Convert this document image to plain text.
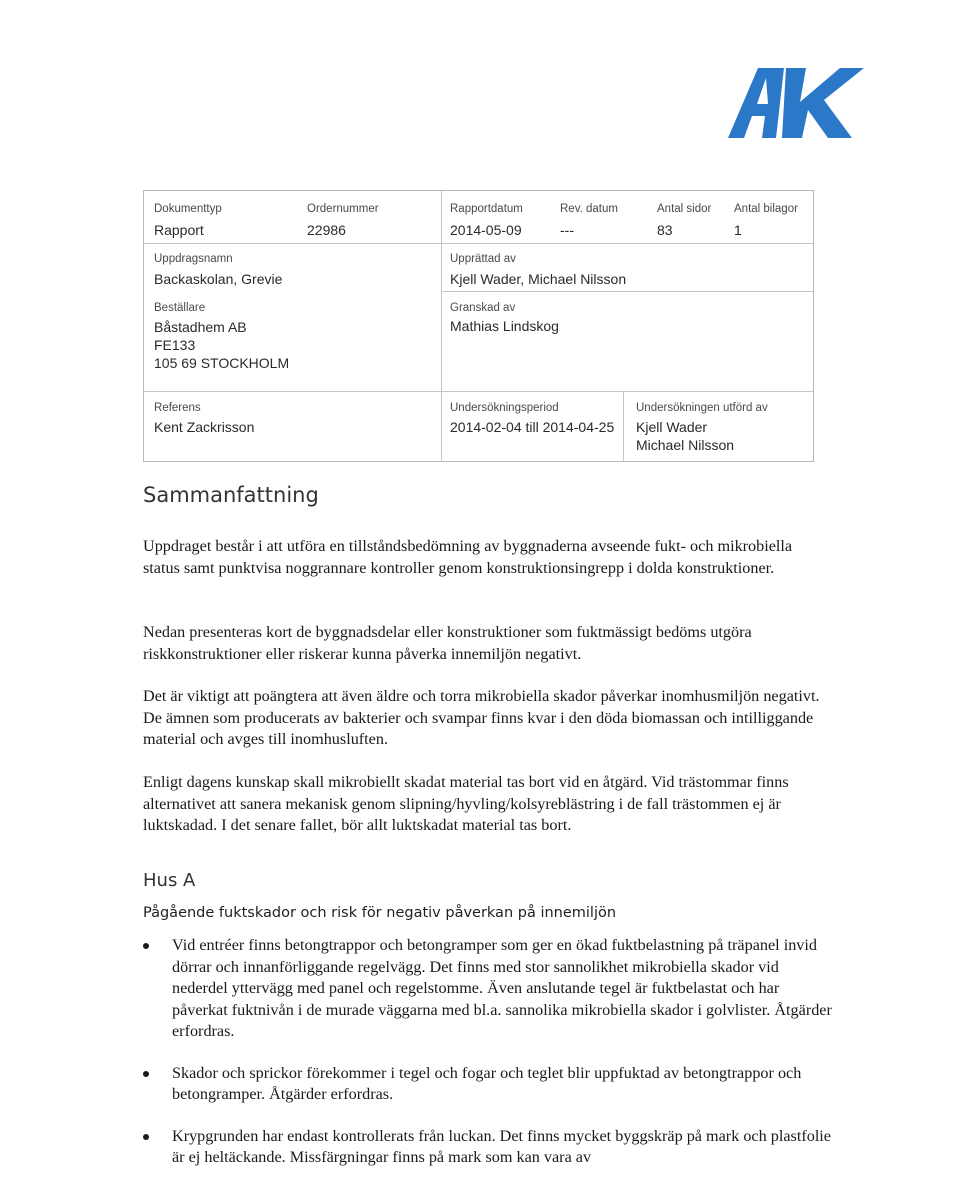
Dokumenttyp
Rapport
Ordernummer
22986
Rapportdatum
2014-05-09
Rev. datum
---
Antal sidor
83
Antal bilagor
1
Uppdragsnamn
Backaskolan, Grevie
Upprättad av
Kjell Wader, Michael Nilsson
Beställare
Båstadhem AB
FE133
105 69 STOCKHOLM
Granskad av
Mathias Lindskog
Referens
Kent Zackrisson
Undersökningsperiod
2014-02-04 till 2014-04-25
Undersökningen utförd av
Kjell Wader
Michael Nilsson
Sammanfattning

Uppdraget består i att utföra en tillståndsbedömning av byggnaderna avseende fukt- och mikrobiella status samt punktvisa noggrannare kontroller genom konstruktionsingrepp i dolda konstruktioner.

Nedan presenteras kort de byggnadsdelar eller konstruktioner som fuktmässigt bedöms utgöra riskkonstruktioner eller riskerar kunna påverka innemiljön negativt.

Det är viktigt att poängtera att även äldre och torra mikrobiella skador påverkar inomhusmiljön negativt. De ämnen som producerats av bakterier och svampar finns kvar i den döda biomassan och intilliggande material och avges till inomhusluften.

Enligt dagens kunskap skall mikrobiellt skadat material tas bort vid en åtgärd. Vid trästommar finns alternativet att sanera mekanisk genom slipning/hyvling/kolsyreblästring i de fall trästommen ej är luktskadad. I det senare fallet, bör allt luktskadat material tas bort.

Hus A
Pågående fuktskador och risk för negativ påverkan på innemiljön
Vid entréer finns betongtrappor och betongramper som ger en ökad fuktbelastning på träpanel invid dörrar och innanförliggande regelvägg. Det finns med stor sannolikhet mikrobiella skador vid nederdel yttervägg med panel och regelstomme. Även anslutande tegel är fuktbelastat och har påverkat fuktnivån i de murade väggarna med bl.a. sannolika mikrobiella skador i golvlister. Åtgärder erfordras.
Skador och sprickor förekommer i tegel och fogar och teglet blir uppfuktad av betongtrappor och betongramper. Åtgärder erfordras.
Krypgrunden har endast kontrollerats från luckan. Det finns mycket byggskräp på mark och plastfolie är ej heltäckande. Missfärgningar finns på mark som kan vara av
